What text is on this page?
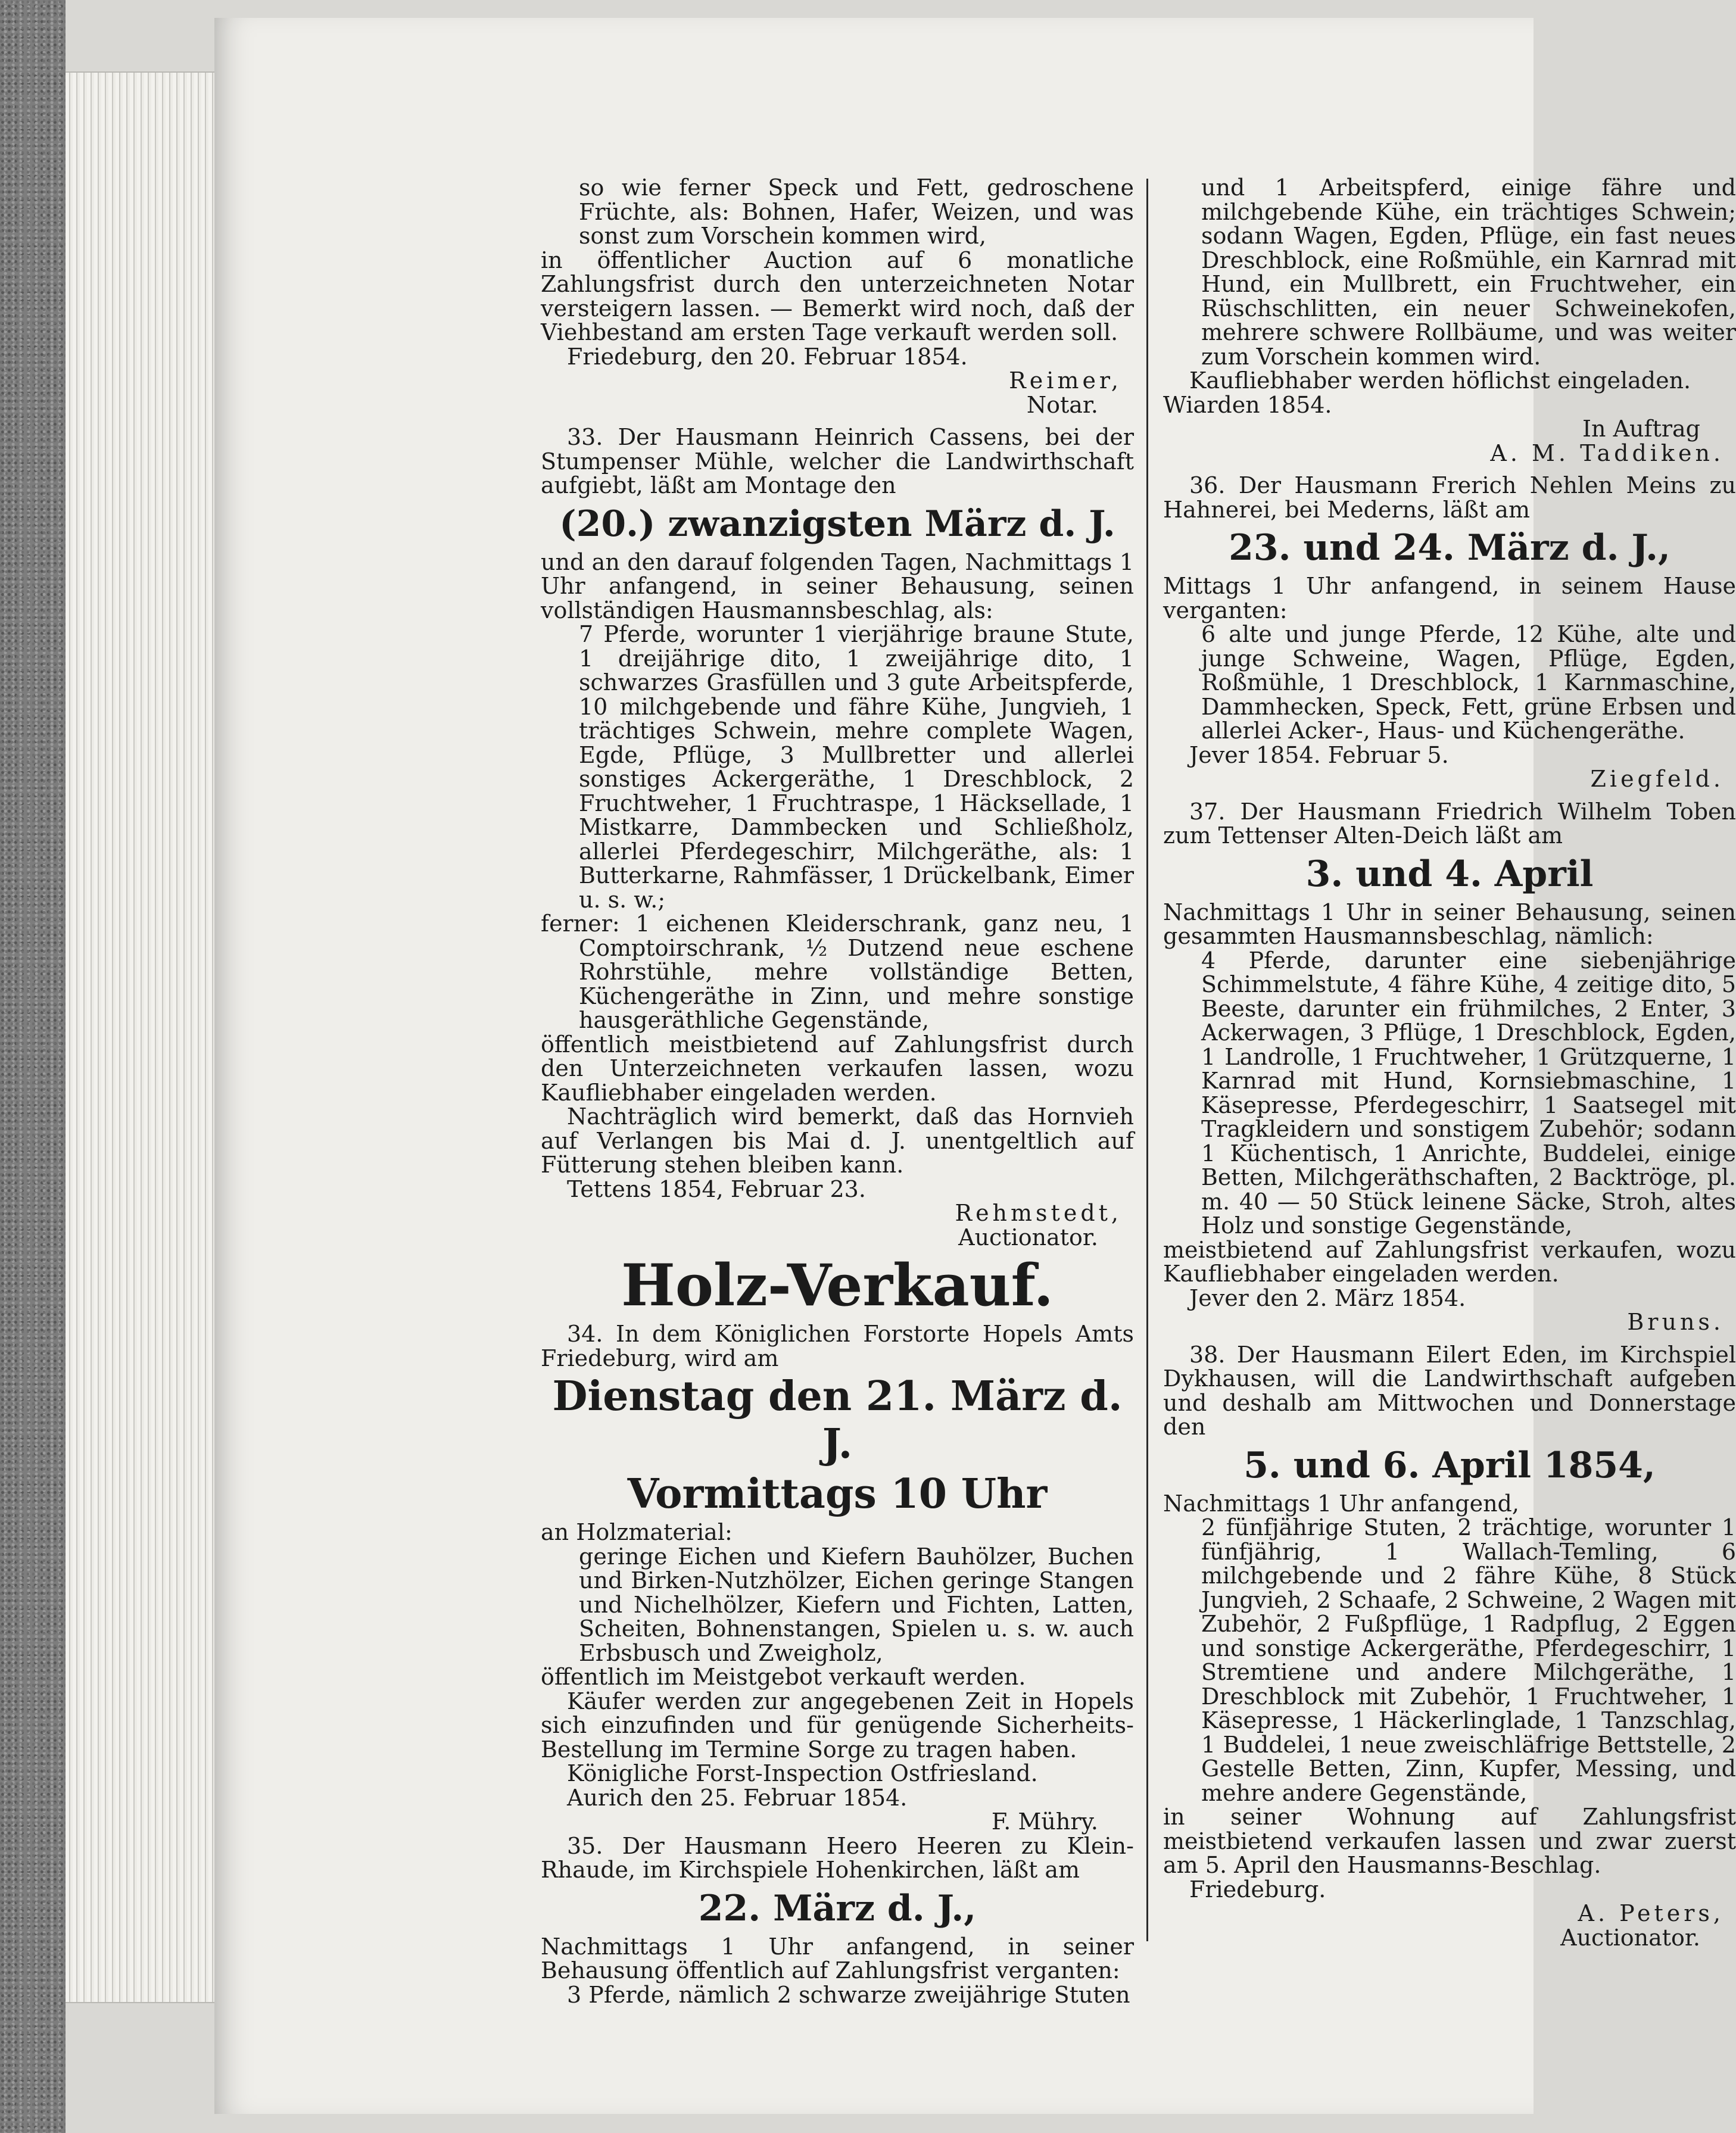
so wie ferner Speck und Fett, gedroschene Früchte, als: Bohnen, Hafer, Weizen, und was sonst zum Vorschein kommen wird,

in öffentlicher Auction auf 6 monatliche Zahlungsfrist durch den unterzeichneten Notar versteigern lassen. — Bemerkt wird noch, daß der Viehbestand am ersten Tage verkauft werden soll.

Friedeburg, den 20. Februar 1854.

Reimer,

Notar.

33. Der Hausmann Heinrich Cassens, bei der Stumpenser Mühle, welcher die Landwirthschaft aufgiebt, läßt am Montage den

(20.) zwanzigsten März d. J.

und an den darauf folgenden Tagen, Nachmittags 1 Uhr anfangend, in seiner Behausung, seinen vollständigen Hausmannsbeschlag, als:

7 Pferde, worunter 1 vierjährige braune Stute, 1 dreijährige dito, 1 zweijährige dito, 1 schwarzes Grasfüllen und 3 gute Arbeitspferde, 10 milchgebende und fähre Kühe, Jungvieh, 1 trächtiges Schwein, mehre complete Wagen, Egde, Pflüge, 3 Mullbretter und allerlei sonstiges Ackergeräthe, 1 Dreschblock, 2 Fruchtweher, 1 Fruchtraspe, 1 Häcksellade, 1 Mistkarre, Dammbecken und Schließholz, allerlei Pferdegeschirr, Milchgeräthe, als: 1 Butterkarne, Rahmfässer, 1 Drückelbank, Eimer u. s. w.;

ferner: 1 eichenen Kleiderschrank, ganz neu, 1 Comptoirschrank, ½ Dutzend neue eschene Rohrstühle, mehre vollständige Betten, Küchengeräthe in Zinn, und mehre sonstige hausgeräthliche Gegenstände,

öffentlich meistbietend auf Zahlungsfrist durch den Unterzeichneten verkaufen lassen, wozu Kaufliebhaber eingeladen werden.

Nachträglich wird bemerkt, daß das Hornvieh auf Verlangen bis Mai d. J. unentgeltlich auf Fütterung stehen bleiben kann.

Tettens 1854, Februar 23.

Rehmstedt,

Auctionator.

Holz-Verkauf.

34. In dem Königlichen Forstorte Hopels Amts Friedeburg, wird am

Dienstag den 21. März d. J.

Vormittags 10 Uhr

an Holzmaterial:

geringe Eichen und Kiefern Bauhölzer, Buchen und Birken-Nutzhölzer, Eichen geringe Stangen und Nichelhölzer, Kiefern und Fichten, Latten, Scheiten, Bohnenstangen, Spielen u. s. w. auch Erbsbusch und Zweigholz,

öffentlich im Meistgebot verkauft werden.

Käufer werden zur angegebenen Zeit in Hopels sich einzufinden und für genügende Sicherheits-Bestellung im Termine Sorge zu tragen haben.

Königliche Forst-Inspection Ostfriesland.

Aurich den 25. Februar 1854.

F. Mühry.

35. Der Hausmann Heero Heeren zu Klein-Rhaude, im Kirchspiele Hohenkirchen, läßt am

22. März d. J.,

Nachmittags 1 Uhr anfangend, in seiner Behausung öffentlich auf Zahlungsfrist verganten:

3 Pferde, nämlich 2 schwarze zweijährige Stuten

und 1 Arbeitspferd, einige fähre und milchgebende Kühe, ein trächtiges Schwein; sodann Wagen, Egden, Pflüge, ein fast neues Dreschblock, eine Roßmühle, ein Karnrad mit Hund, ein Mullbrett, ein Fruchtweher, ein Rüschschlitten, ein neuer Schweinekofen, mehrere schwere Rollbäume, und was weiter zum Vorschein kommen wird.

Kaufliebhaber werden höflichst eingeladen.

Wiarden 1854.

In Auftrag

A. M. Taddiken.

36. Der Hausmann Frerich Nehlen Meins zu Hahnerei, bei Mederns, läßt am

23. und 24. März d. J.,

Mittags 1 Uhr anfangend, in seinem Hause verganten:

6 alte und junge Pferde, 12 Kühe, alte und junge Schweine, Wagen, Pflüge, Egden, Roßmühle, 1 Dreschblock, 1 Karnmaschine, Dammhecken, Speck, Fett, grüne Erbsen und allerlei Acker-, Haus- und Küchengeräthe.

Jever 1854. Februar 5.

Ziegfeld.

37. Der Hausmann Friedrich Wilhelm Toben zum Tettenser Alten-Deich läßt am

3. und 4. April

Nachmittags 1 Uhr in seiner Behausung, seinen gesammten Hausmannsbeschlag, nämlich:

4 Pferde, darunter eine siebenjährige Schimmelstute, 4 fähre Kühe, 4 zeitige dito, 5 Beeste, darunter ein frühmilches, 2 Enter, 3 Ackerwagen, 3 Pflüge, 1 Dreschblock, Egden, 1 Landrolle, 1 Fruchtweher, 1 Grützquerne, 1 Karnrad mit Hund, Kornsiebmaschine, 1 Käsepresse, Pferdegeschirr, 1 Saatsegel mit Tragkleidern und sonstigem Zubehör; sodann 1 Küchentisch, 1 Anrichte, Buddelei, einige Betten, Milchgeräthschaften, 2 Backtröge, pl. m. 40 — 50 Stück leinene Säcke, Stroh, altes Holz und sonstige Gegenstände,

meistbietend auf Zahlungsfrist verkaufen, wozu Kaufliebhaber eingeladen werden.

Jever den 2. März 1854.

Bruns.

38. Der Hausmann Eilert Eden, im Kirchspiel Dykhausen, will die Landwirthschaft aufgeben und deshalb am Mittwochen und Donnerstage den

5. und 6. April 1854,

Nachmittags 1 Uhr anfangend,

2 fünfjährige Stuten, 2 trächtige, worunter 1 fünfjährig, 1 Wallach-Temling, 6 milchgebende und 2 fähre Kühe, 8 Stück Jungvieh, 2 Schaafe, 2 Schweine, 2 Wagen mit Zubehör, 2 Fußpflüge, 1 Radpflug, 2 Eggen und sonstige Ackergeräthe, Pferdegeschirr, 1 Stremtiene und andere Milchgeräthe, 1 Dreschblock mit Zubehör, 1 Fruchtweher, 1 Käsepresse, 1 Häckerlinglade, 1 Tanzschlag, 1 Buddelei, 1 neue zweischläfrige Bettstelle, 2 Gestelle Betten, Zinn, Kupfer, Messing, und mehre andere Gegenstände,

in seiner Wohnung auf Zahlungsfrist meistbietend verkaufen lassen und zwar zuerst am 5. April den Hausmanns-Beschlag.

Friedeburg.

A. Peters,

Auctionator.
